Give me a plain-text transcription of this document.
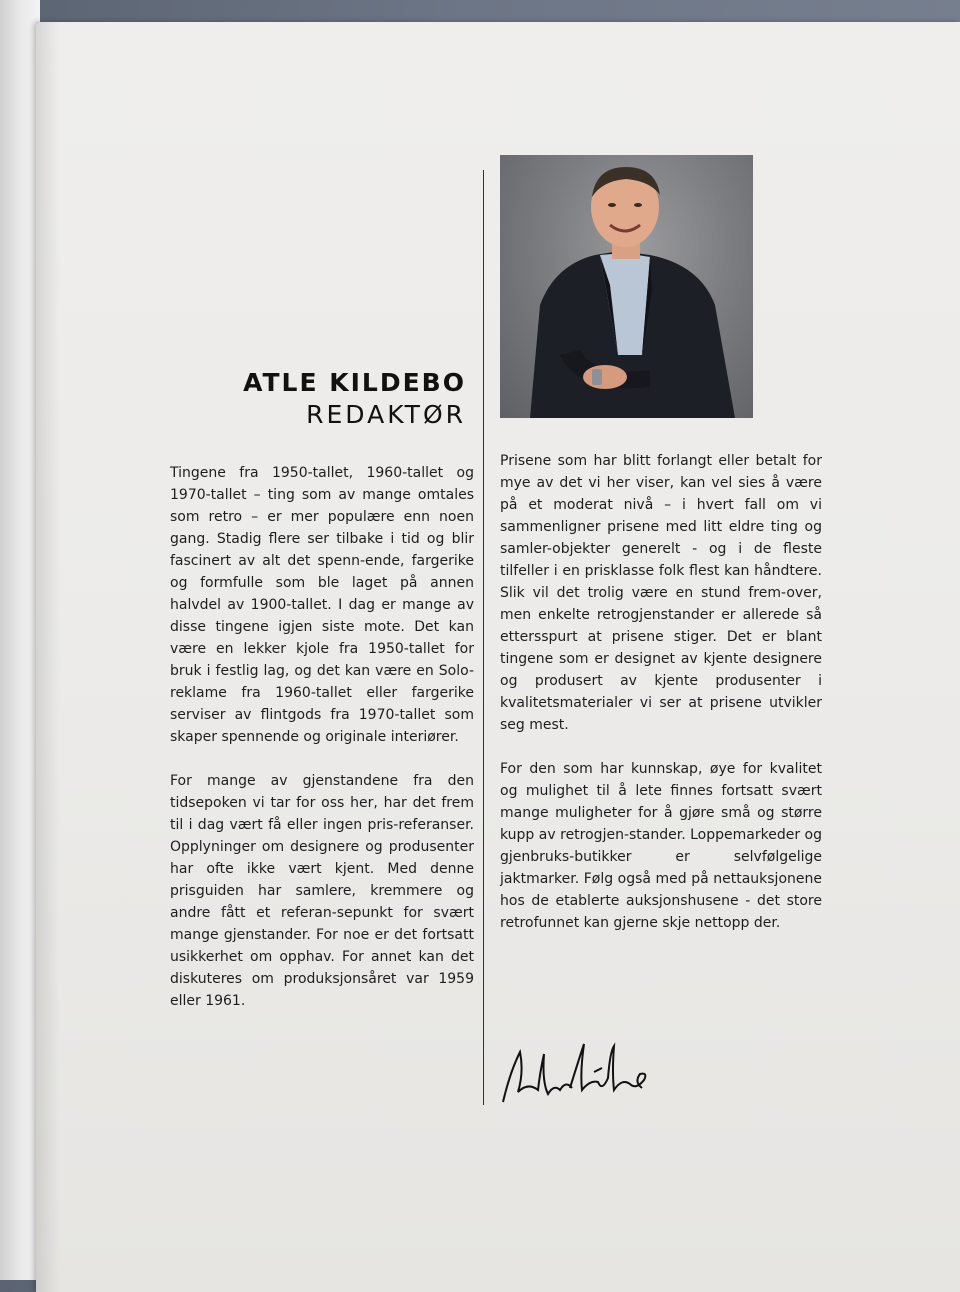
ATLE KILDEBO
REDAKTØR

Tingene fra 1950-tallet, 1960-tallet og 1970-tallet – ting som av mange omtales som retro – er mer populære enn noen gang. Stadig flere ser tilbake i tid og blir fascinert av alt det spenn-ende, fargerike og formfulle som ble laget på annen halvdel av 1900-tallet. I dag er mange av disse tingene igjen siste mote. Det kan være en lekker kjole fra 1950-tallet for bruk i festlig lag, og det kan være en Solo-reklame fra 1960-tallet eller fargerike serviser av flintgods fra 1970-tallet som skaper spennende og originale interiører.

For mange av gjenstandene fra den tidsepoken vi tar for oss her, har det frem til i dag vært få eller ingen pris-referanser. Opplyninger om designere og produsenter har ofte ikke vært kjent. Med denne prisguiden har samlere, kremmere og andre fått et referan-sepunkt for svært mange gjenstander. For noe er det fortsatt usikkerhet om opphav. For annet kan det diskuteres om produksjonsåret var 1959 eller 1961.

Prisene som har blitt forlangt eller betalt for mye av det vi her viser, kan vel sies å være på et moderat nivå – i hvert fall om vi sammenligner prisene med litt eldre ting og samler-objekter generelt - og i de fleste tilfeller i en prisklasse folk flest kan håndtere. Slik vil det trolig være en stund frem-over, men enkelte retrogjenstander er allerede så ettersspurt at prisene stiger. Det er blant tingene som er designet av kjente designere og produsert av kjente produsenter i kvalitetsmaterialer vi ser at prisene utvikler seg mest.

For den som har kunnskap, øye for kvalitet og mulighet til å lete finnes fortsatt svært mange muligheter for å gjøre små og større kupp av retrogjen-stander. Loppemarkeder og gjenbruks-butikker er selvfølgelige jaktmarker. Følg også med på nettauksjonene hos de etablerte auksjonshusene - det store retrofunnet kan gjerne skje nettopp der.
